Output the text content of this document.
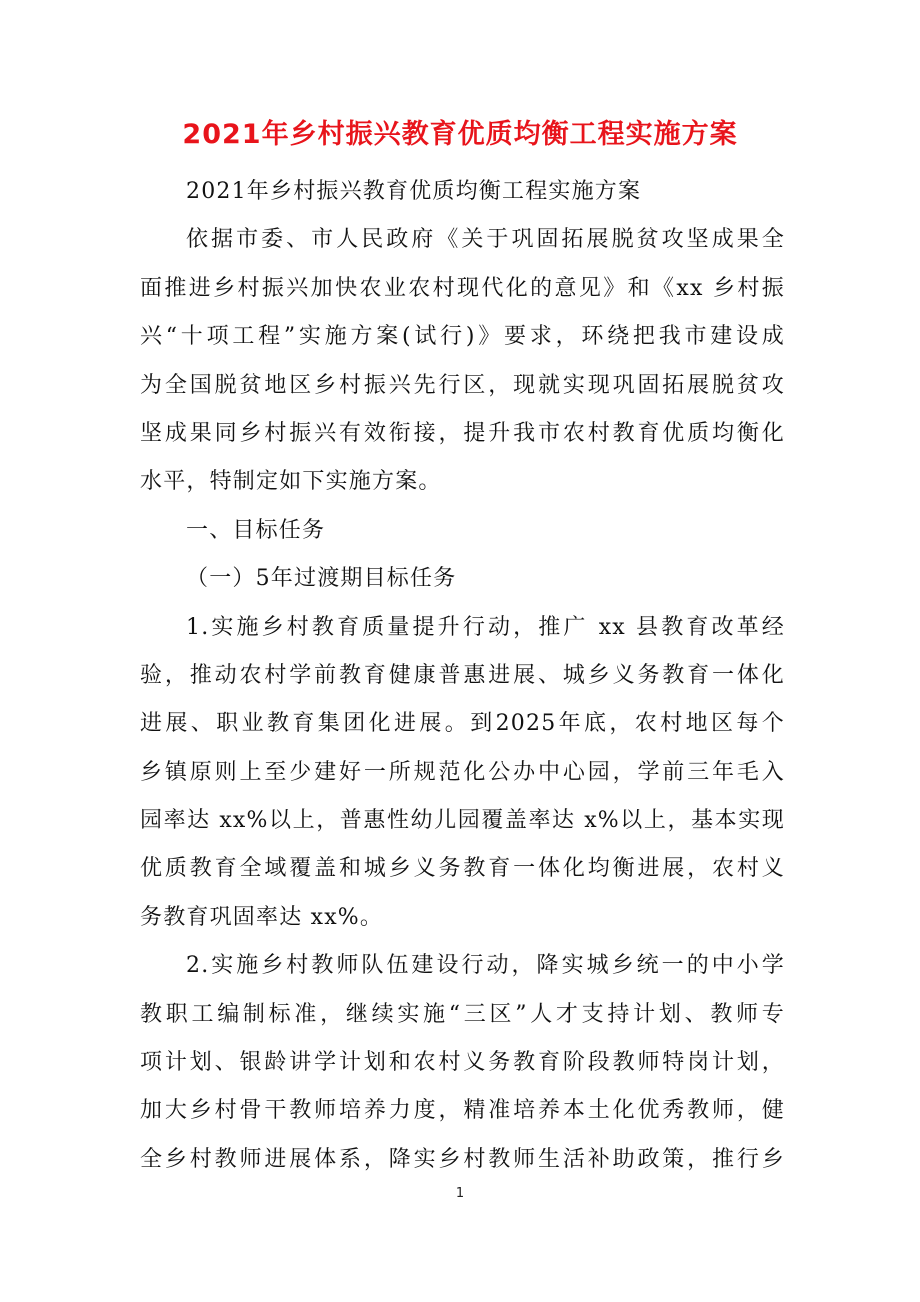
2021年乡村振兴教育优质均衡工程实施方案
2021年乡村振兴教育优质均衡工程实施方案
依据市委、市人民政府《关于巩固拓展脱贫攻坚成果全
面推进乡村振兴加快农业农村现代化的意见》和《xx 乡村振
兴“十项工程”实施方案(试行)》要求，环绕把我市建设成
为全国脱贫地区乡村振兴先行区，现就实现巩固拓展脱贫攻
坚成果同乡村振兴有效衔接，提升我市农村教育优质均衡化
水平，特制定如下实施方案。
一、目标任务
（一）5年过渡期目标任务
1.实施乡村教育质量提升行动，推广 xx 县教育改革经
验，推动农村学前教育健康普惠进展、城乡义务教育一体化
进展、职业教育集团化进展。到2025年底，农村地区每个
乡镇原则上至少建好一所规范化公办中心园，学前三年毛入
园率达 xx%以上，普惠性幼儿园覆盖率达 x%以上，基本实现
优质教育全域覆盖和城乡义务教育一体化均衡进展，农村义
务教育巩固率达 xx%。
2.实施乡村教师队伍建设行动，降实城乡统一的中小学
教职工编制标准，继续实施“三区”人才支持计划、教师专
项计划、银龄讲学计划和农村义务教育阶段教师特岗计划，
加大乡村骨干教师培养力度，精准培养本土化优秀教师，健
全乡村教师进展体系，降实乡村教师生活补助政策，推行乡
1
